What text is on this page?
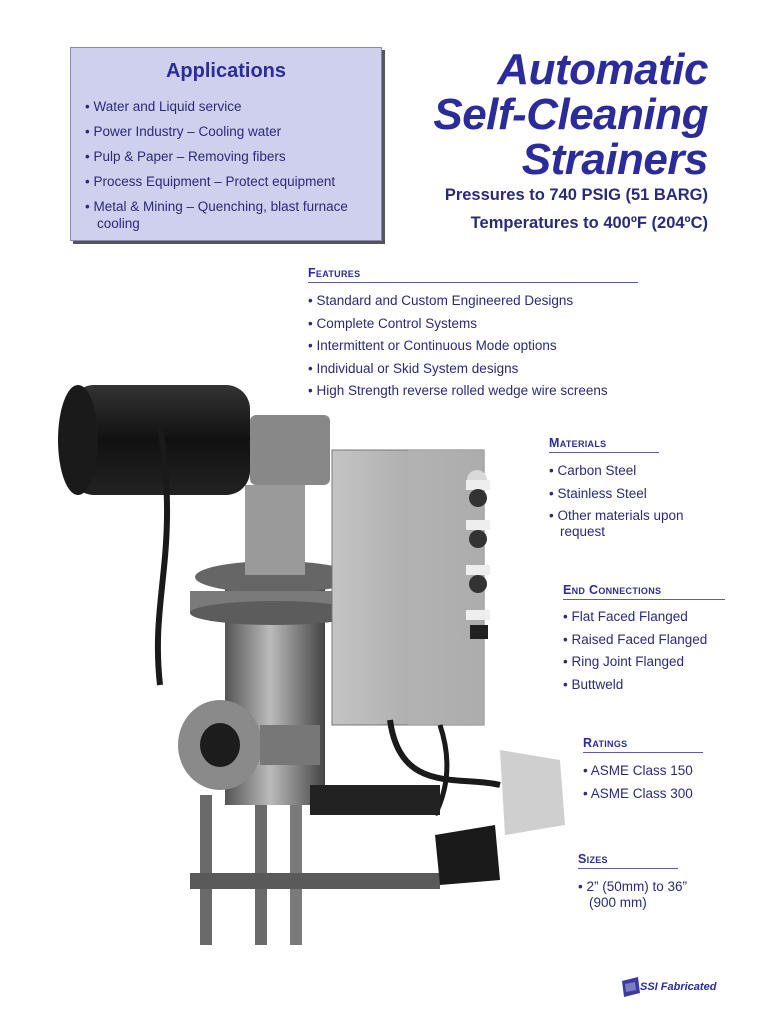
Applications
• Water and Liquid service
• Power Industry – Cooling water
• Pulp & Paper – Removing fibers
• Process Equipment – Protect equipment
• Metal & Mining – Quenching, blast furnace cooling
Automatic
Self-Cleaning
Strainers
Pressures to 740 PSIG (51 BARG)
Temperatures to 400ºF (204ºC)
Features
• Standard and Custom Engineered Designs
• Complete Control Systems
• Intermittent or Continuous Mode options
• Individual or Skid System designs
• High Strength reverse rolled wedge wire screens
Materials
• Carbon Steel
• Stainless Steel
• Other materials upon request
End Connections
• Flat Faced Flanged
• Raised Faced Flanged
• Ring Joint Flanged
• Buttweld
Ratings
• ASME Class 150
• ASME Class 300
Sizes
• 2” (50mm) to 36” (900 mm)
SSI Fabricated
